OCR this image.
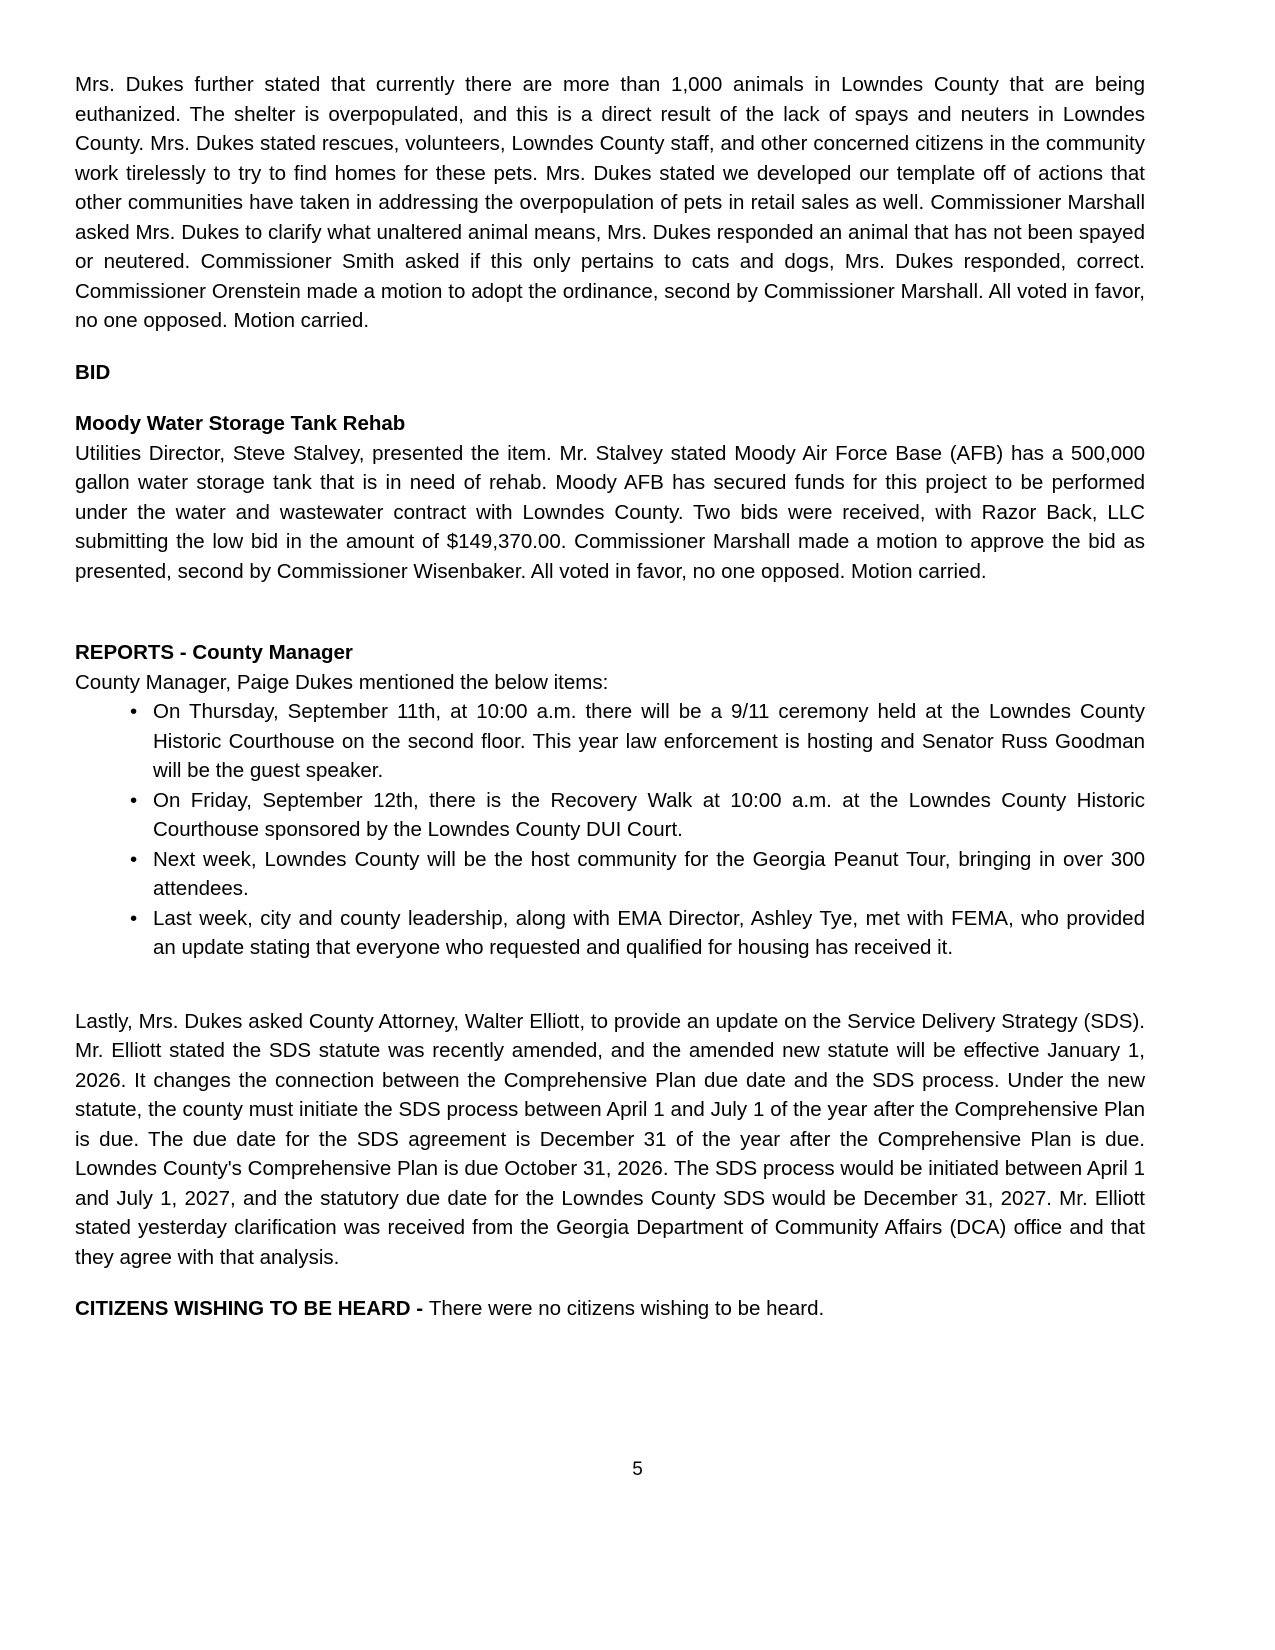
Mrs. Dukes further stated that currently there are more than 1,000 animals in Lowndes County that are being euthanized. The shelter is overpopulated, and this is a direct result of the lack of spays and neuters in Lowndes County. Mrs. Dukes stated rescues, volunteers, Lowndes County staff, and other concerned citizens in the community work tirelessly to try to find homes for these pets. Mrs. Dukes stated we developed our template off of actions that other communities have taken in addressing the overpopulation of pets in retail sales as well. Commissioner Marshall asked Mrs. Dukes to clarify what unaltered animal means, Mrs. Dukes responded an animal that has not been spayed or neutered. Commissioner Smith asked if this only pertains to cats and dogs, Mrs. Dukes responded, correct. Commissioner Orenstein made a motion to adopt the ordinance, second by Commissioner Marshall. All voted in favor, no one opposed. Motion carried.

BID

Moody Water Storage Tank Rehab

Utilities Director, Steve Stalvey, presented the item. Mr. Stalvey stated Moody Air Force Base (AFB) has a 500,000 gallon water storage tank that is in need of rehab. Moody AFB has secured funds for this project to be performed under the water and wastewater contract with Lowndes County. Two bids were received, with Razor Back, LLC submitting the low bid in the amount of $149,370.00. Commissioner Marshall made a motion to approve the bid as presented, second by Commissioner Wisenbaker. All voted in favor, no one opposed. Motion carried.

REPORTS - County Manager

County Manager, Paige Dukes mentioned the below items:

• On Thursday, September 11th, at 10:00 a.m. there will be a 9/11 ceremony held at the Lowndes County Historic Courthouse on the second floor. This year law enforcement is hosting and Senator Russ Goodman will be the guest speaker.
• On Friday, September 12th, there is the Recovery Walk at 10:00 a.m. at the Lowndes County Historic Courthouse sponsored by the Lowndes County DUI Court.
• Next week, Lowndes County will be the host community for the Georgia Peanut Tour, bringing in over 300 attendees.
• Last week, city and county leadership, along with EMA Director, Ashley Tye, met with FEMA, who provided an update stating that everyone who requested and qualified for housing has received it.

Lastly, Mrs. Dukes asked County Attorney, Walter Elliott, to provide an update on the Service Delivery Strategy (SDS). Mr. Elliott stated the SDS statute was recently amended, and the amended new statute will be effective January 1, 2026. It changes the connection between the Comprehensive Plan due date and the SDS process. Under the new statute, the county must initiate the SDS process between April 1 and July 1 of the year after the Comprehensive Plan is due. The due date for the SDS agreement is December 31 of the year after the Comprehensive Plan is due. Lowndes County's Comprehensive Plan is due October 31, 2026. The SDS process would be initiated between April 1 and July 1, 2027, and the statutory due date for the Lowndes County SDS would be December 31, 2027. Mr. Elliott stated yesterday clarification was received from the Georgia Department of Community Affairs (DCA) office and that they agree with that analysis.

CITIZENS WISHING TO BE HEARD - There were no citizens wishing to be heard.

5
